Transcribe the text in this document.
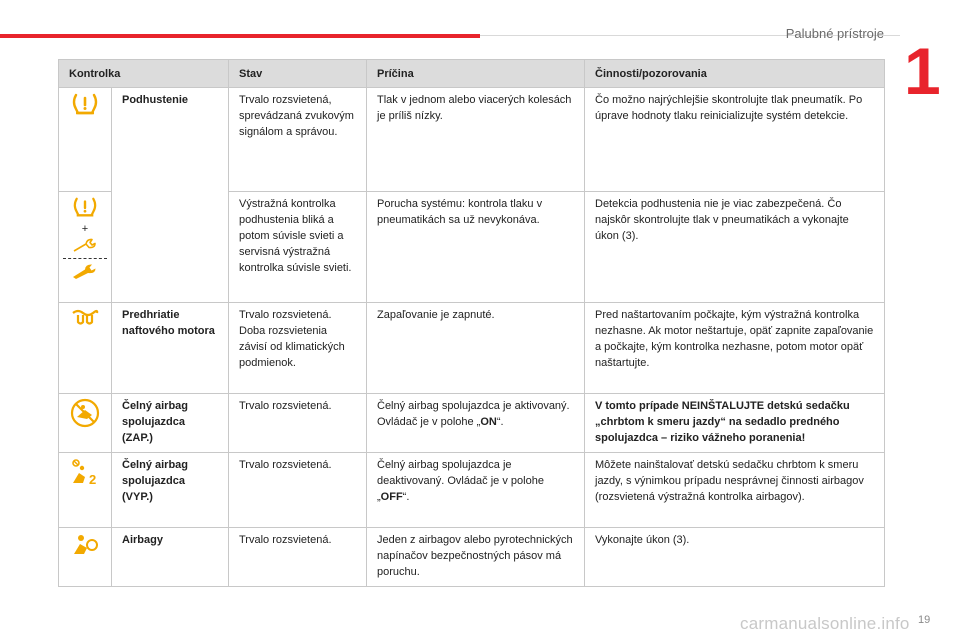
Palubné prístroje
1
Kontrolka		Stav	Príčina	Činnosti/pozorovania

	Podhustenie	Trvalo rozsvietená, sprevádzaná zvukovým signálom a správou.	Tlak v jednom alebo viacerých kolesách je príliš nízky.	Čo možno najrýchlejšie skontrolujte tlak pneumatík. Po úprave hodnoty tlaku reinicializujte systém detekcie.

+		Výstražná kontrolka podhustenia bliká a potom súvisle svieti a servisná výstražná kontrolka súvisle svieti.	Porucha systému: kontrola tlaku v pneumatikách sa už nevykonáva.	Detekcia podhustenia nie je viac zabezpečená. Čo najskôr skontrolujte tlak v pneumatikách a vykonajte úkon (3).

	Predhriatie naftového motora	Trvalo rozsvietená. Doba rozsvietenia závisí od klimatických podmienok.	Zapaľovanie je zapnuté.	Pred naštartovaním počkajte, kým výstražná kontrolka nezhasne. Ak motor neštartuje, opäť zapnite zapaľovanie a počkajte, kým kontrolka nezhasne, potom motor opäť naštartujte.

	Čelný airbag spolujazdca (ZAP.)	Trvalo rozsvietená.	Čelný airbag spolujazdca je aktivovaný. Ovládač je v polohe „ON“.	V tomto prípade NEINŠTALUJTE detskú sedačku „chrbtom k smeru jazdy“ na sedadlo predného spolujazdca – riziko vážneho poranenia!

2	Čelný airbag spolujazdca (VYP.)	Trvalo rozsvietená.	Čelný airbag spolujazdca je deaktivovaný. Ovládač je v polohe „OFF“.	Môžete nainštalovať detskú sedačku chrbtom k smeru jazdy, s výnimkou prípadu nesprávnej činnosti airbagov (rozsvietená výstražná kontrolka airbagov).

	Airbagy	Trvalo rozsvietená.	Jeden z airbagov alebo pyrotechnických napínačov bezpečnostných pásov má poruchu.	Vykonajte úkon (3).
carmanualsonline.info 19
